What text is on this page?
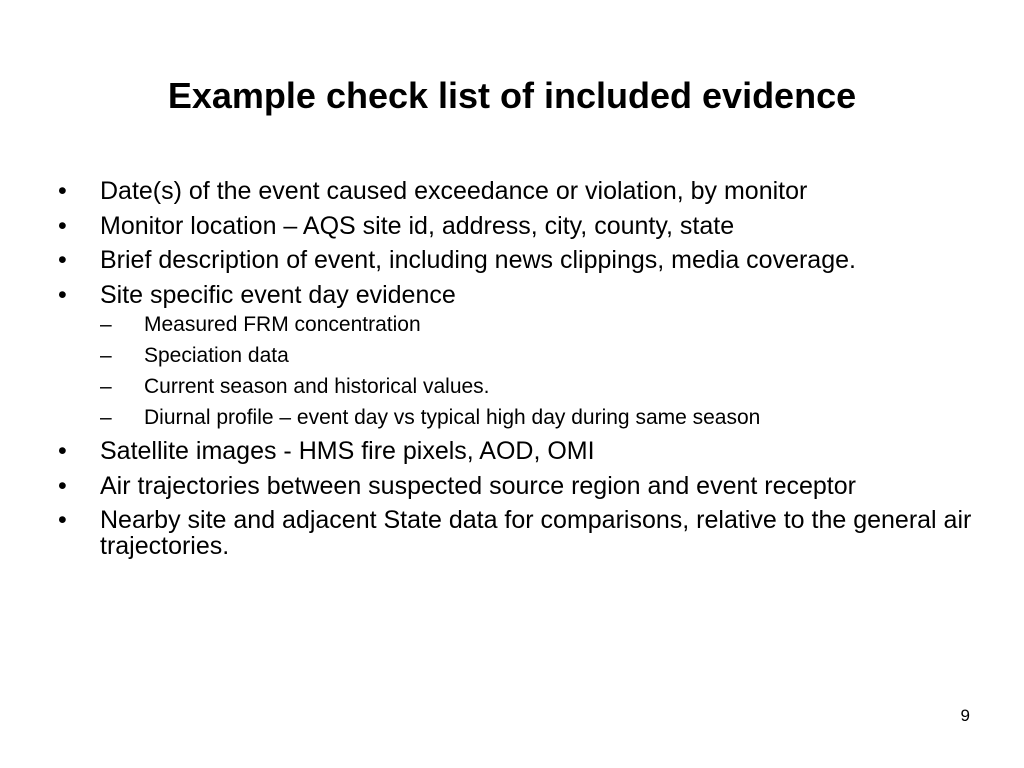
Example check list of included evidence
• Date(s) of the event caused exceedance or violation, by monitor
• Monitor location – AQS site id, address, city, county, state
• Brief description of event, including news clippings, media coverage.
• Site specific event day evidence
– Measured FRM concentration
– Speciation data
– Current season and historical values.
– Diurnal profile – event day vs typical high day during same season
• Satellite images - HMS fire pixels, AOD, OMI
• Air trajectories between suspected source region and event receptor
• Nearby site and adjacent State data for comparisons, relative to the general air trajectories.
9
